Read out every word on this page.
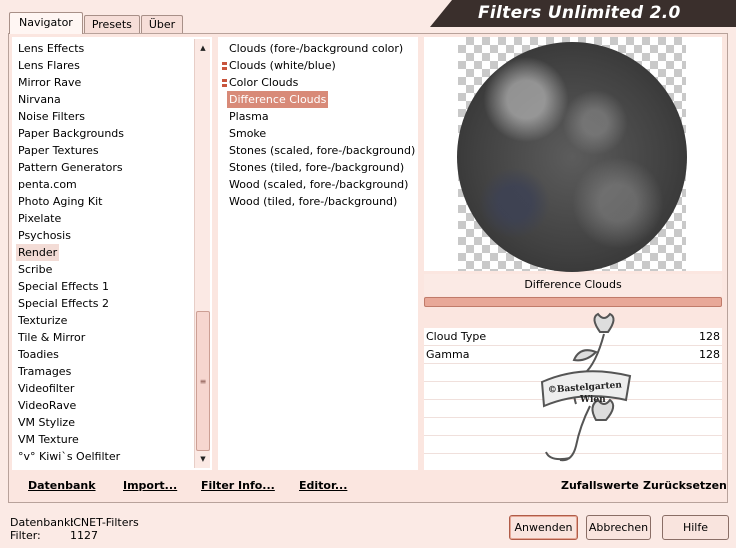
Navigator	Presets	Über
Filters Unlimited 2.0
Lens Effects
Lens Flares
Mirror Rave
Nirvana
Noise Filters
Paper Backgrounds
Paper Textures
Pattern Generators
penta.com
Photo Aging Kit
Pixelate
Psychosis
Render
Scribe
Special Effects 1
Special Effects 2
Texturize
Tile & Mirror
Toadies
Tramages
Videofilter
VideoRave
VM Stylize
VM Texture
°v° Kiwi`s Oelfilter
▲
≡
▼
Clouds (fore-/background color)
Clouds (white/blue)
Color Clouds
Difference Clouds
Plasma
Smoke
Stones (scaled, fore-/background)
Stones (tiled, fore-/background)
Wood (scaled, fore-/background)
Wood (tiled, fore-/background)
Difference Clouds
Cloud Type	128
Gamma	128
©Bastelgarten
Wien
Datenbank Import... Filter Info... Editor...	Zufallswerte Zurücksetzen
Datenbank:
ICNET-Filters
Filter:	1127
Anwenden	Abbrechen	Hilfe
